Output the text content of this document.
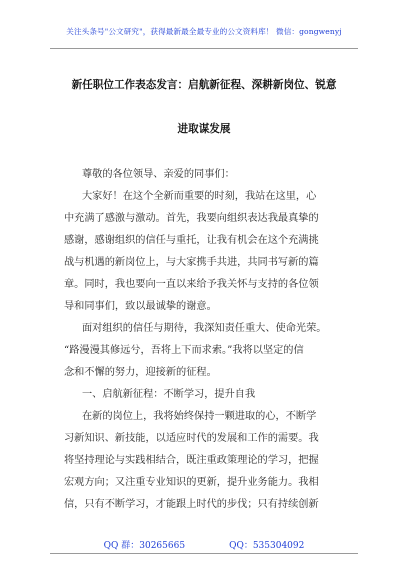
关注头条号"公文研究"，获得最新最全最专业的公文资料库！ 微信：gongwenyj
新任职位工作表态发言：启航新征程、深耕新岗位、锐意
进取谋发展
尊敬的各位领导、亲爱的同事们：
大家好！在这个全新而重要的时刻，我站在这里，心
中充满了感激与激动。首先，我要向组织表达我最真挚的
感谢，感谢组织的信任与重托，让我有机会在这个充满挑
战与机遇的新岗位上，与大家携手共进，共同书写新的篇
章。同时，我也要向一直以来给予我关怀与支持的各位领
导和同事们，致以最诚挚的谢意。
面对组织的信任与期待，我深知责任重大、使命光荣。
“路漫漫其修远兮，吾将上下而求索。”我将以坚定的信
念和不懈的努力，迎接新的征程。
一、启航新征程：不断学习，提升自我
在新的岗位上，我将始终保持一颗进取的心，不断学
习新知识、新技能，以适应时代的发展和工作的需要。我
将坚持理论与实践相结合，既注重政策理论的学习，把握
宏观方向；又注重专业知识的更新，提升业务能力。我相
信，只有不断学习，才能跟上时代的步伐；只有持续创新
QQ 群：30265665	QQ：535304092
